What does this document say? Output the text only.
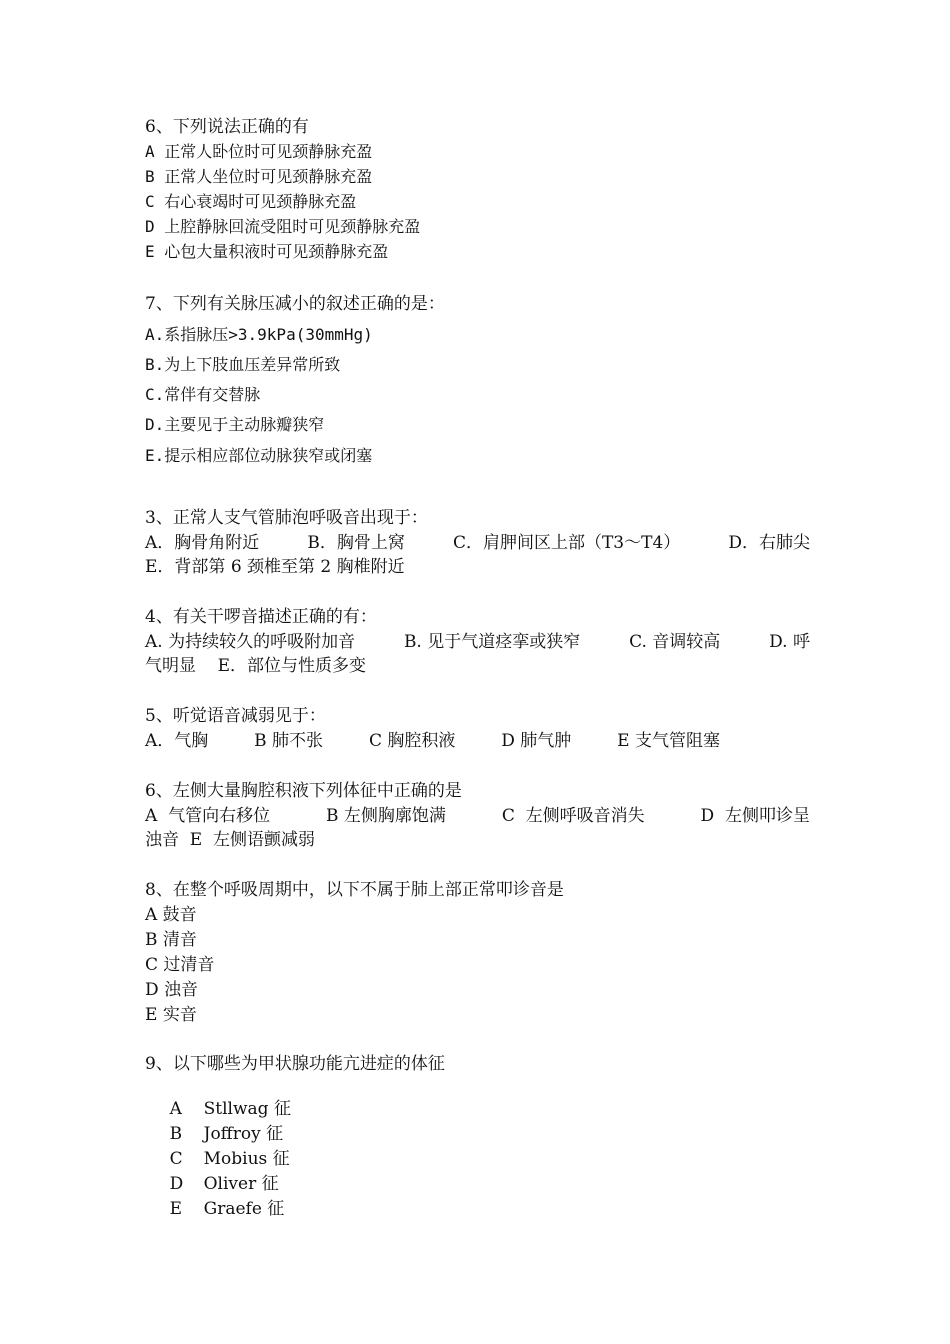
6、下列说法正确的有
A 正常人卧位时可见颈静脉充盈
B 正常人坐位时可见颈静脉充盈
C 右心衰竭时可见颈静脉充盈
D 上腔静脉回流受阻时可见颈静脉充盈
E 心包大量积液时可见颈静脉充盈
7、下列有关脉压减小的叙述正确的是：
A.系指脉压>3.9kPa(30mmHg)
B.为上下肢血压差异常所致
C.常伴有交替脉
D.主要见于主动脉瓣狭窄
E.提示相应部位动脉狭窄或闭塞
3、正常人支气管肺泡呼吸音出现于：
A．胸骨角附近	B．胸骨上窝	C．肩胛间区上部（T3～T4）	D．右肺尖
E．背部第 6 颈椎至第 2 胸椎附近
4、有关干啰音描述正确的有：
A. 为持续较久的呼吸附加音	B. 见于气道痉挛或狭窄	C. 音调较高	D. 呼
气明显    E．部位与性质多变
5、听觉语音减弱见于：
A．气胸	B 肺不张	C 胸腔积液	D 肺气肿	E 支气管阻塞
6、左侧大量胸腔积液下列体征中正确的是
A  气管向右移位	B 左侧胸廓饱满	C  左侧呼吸音消失	D  左侧叩诊呈
浊音  E  左侧语颤减弱
8、在整个呼吸周期中，以下不属于肺上部正常叩诊音是
A 鼓音
B 清音
C 过清音
D 浊音
E 实音
9、以下哪些为甲状腺功能亢进症的体征

A Stllwag 征

B Joffroy 征

C Mobius 征

D Oliver 征

E Graefe 征
